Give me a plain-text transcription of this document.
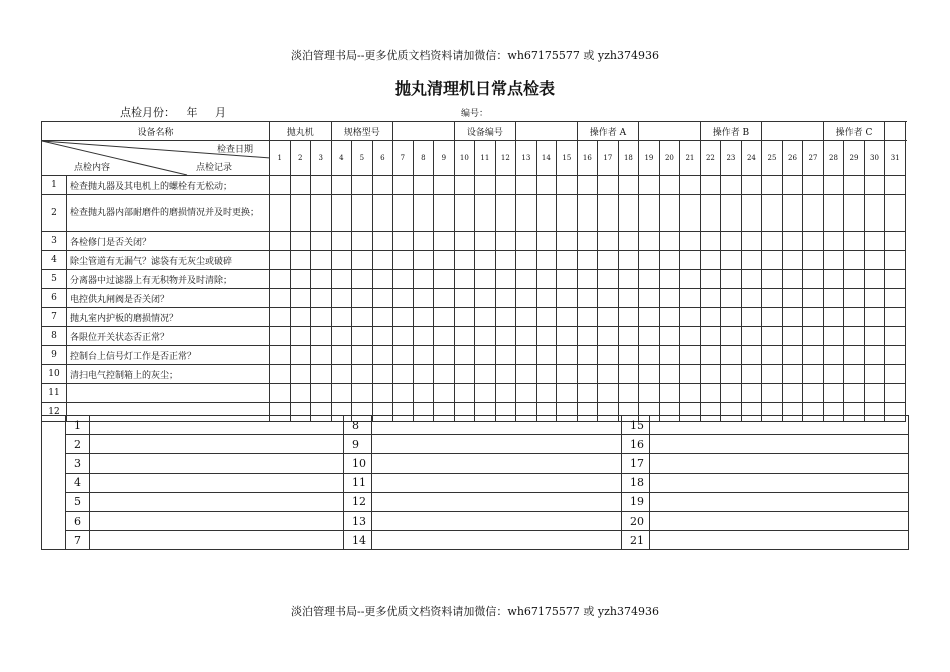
淡泊管理书局--更多优质文档资料请加微信：wh67175577 或 yzh374936
抛丸清理机日常点检表
点检月份： 年 月	编号：
设备名称		抛丸机			规格型号						设备编号						操作者 A						操作者 B						操作者 C			

检查日期
点检内容 点检记录		1	2	3	4	5	6	7	8	9	10	11	12	13	14	15	16	17	18	19	20	21	22	23	24	25	26	27	28	29	30	31	
1	检查抛丸器及其电机上的螺栓有无松动；																																
2	检查抛丸器内部耐磨件的磨损情况并及时更换；																																
3	各检修门是否关闭？																																
4	除尘管道有无漏气？滤袋有无灰尘或破碎																																
5	分离器中过滤器上有无积物并及时清除；																																
6	电控供丸闸阀是否关闭？																																
7	抛丸室内护板的磨损情况？																																
8	各限位开关状态否正常？																																
9	控制台上信号灯工作是否正常？																																
10	清扫电气控制箱上的灰尘；																																
11																																	
12																																	
	1		8		15	
	2		9		16	
	3		10		17	
	4		11		18	
	5		12		19	
	6		13		20	
	7		14		21	
淡泊管理书局--更多优质文档资料请加微信：wh67175577 或 yzh374936
